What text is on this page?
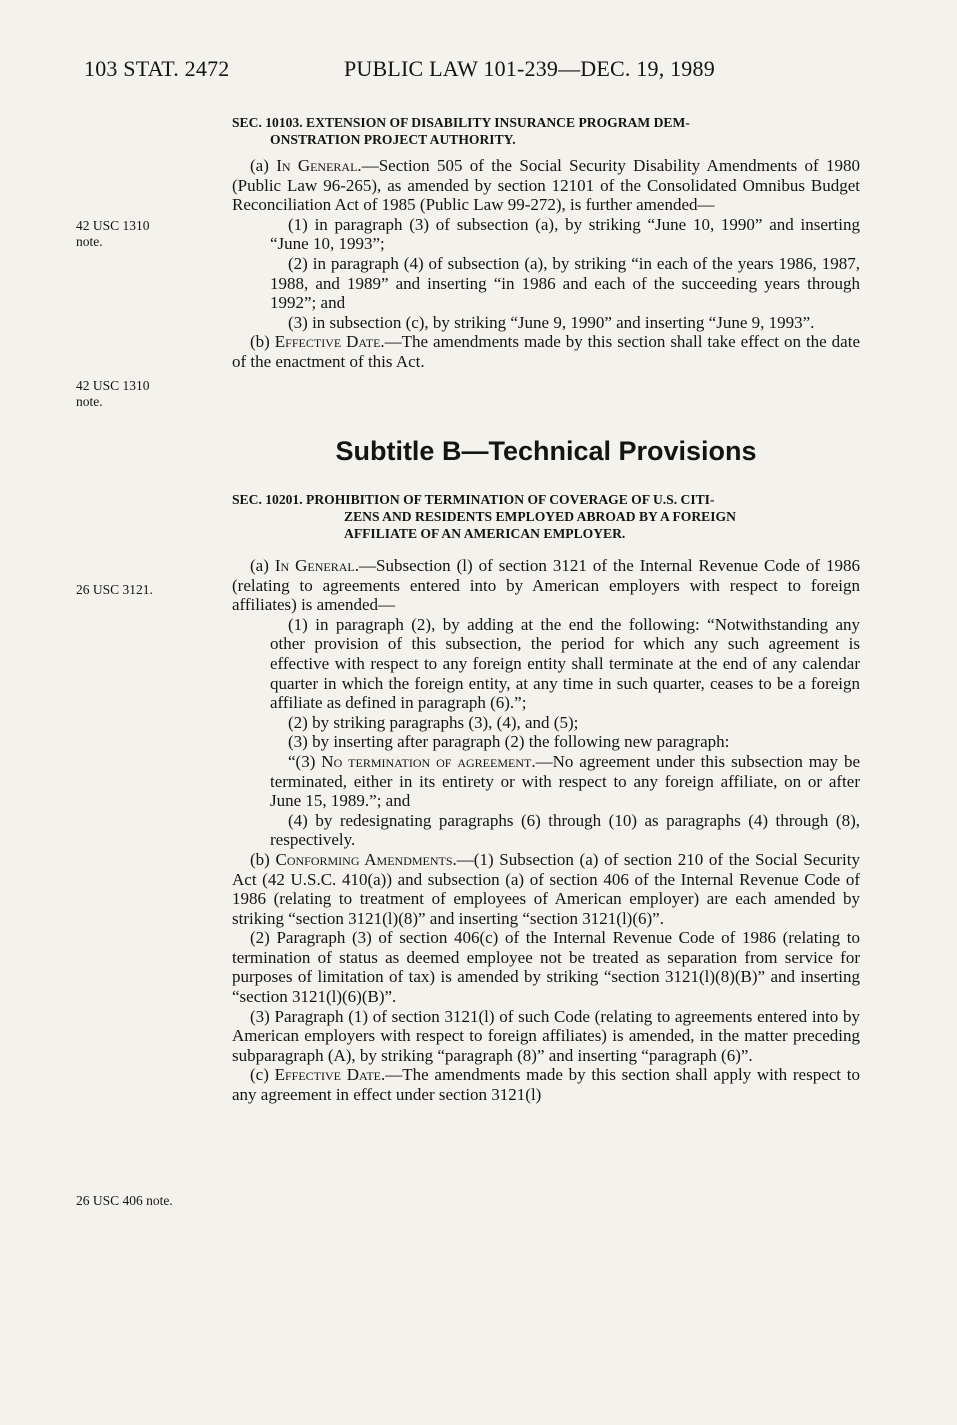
103 STAT. 2472	PUBLIC LAW 101-239—DEC. 19, 1989
42 USC 1310
note.
42 USC 1310
note.
26 USC 3121.
26 USC 406 note.

SEC. 10103. EXTENSION OF DISABILITY INSURANCE PROGRAM DEM-
ONSTRATION PROJECT AUTHORITY.

(a) In General.—Section 505 of the Social Security Disability Amendments of 1980 (Public Law 96-265), as amended by section 12101 of the Consolidated Omnibus Budget Reconciliation Act of 1985 (Public Law 99-272), is further amended—

(1) in paragraph (3) of subsection (a), by striking “June 10, 1990” and inserting “June 10, 1993”;

(2) in paragraph (4) of subsection (a), by striking “in each of the years 1986, 1987, 1988, and 1989” and inserting “in 1986 and each of the succeeding years through 1992”; and

(3) in subsection (c), by striking “June 9, 1990” and inserting “June 9, 1993”.

(b) Effective Date.—The amendments made by this section shall take effect on the date of the enactment of this Act.

Subtitle B—Technical Provisions

SEC. 10201. PROHIBITION OF TERMINATION OF COVERAGE OF U.S. CITI-
ZENS AND RESIDENTS EMPLOYED ABROAD BY A FOREIGN
AFFILIATE OF AN AMERICAN EMPLOYER.

(a) In General.—Subsection (l) of section 3121 of the Internal Revenue Code of 1986 (relating to agreements entered into by American employers with respect to foreign affiliates) is amended—

(1) in paragraph (2), by adding at the end the following: “Notwithstanding any other provision of this subsection, the period for which any such agreement is effective with respect to any foreign entity shall terminate at the end of any calendar quarter in which the foreign entity, at any time in such quarter, ceases to be a foreign affiliate as defined in paragraph (6).”;

(2) by striking paragraphs (3), (4), and (5);

(3) by inserting after paragraph (2) the following new paragraph:

“(3) No termination of agreement.—No agreement under this subsection may be terminated, either in its entirety or with respect to any foreign affiliate, on or after June 15, 1989.”; and

(4) by redesignating paragraphs (6) through (10) as paragraphs (4) through (8), respectively.

(b) Conforming Amendments.—(1) Subsection (a) of section 210 of the Social Security Act (42 U.S.C. 410(a)) and subsection (a) of section 406 of the Internal Revenue Code of 1986 (relating to treatment of employees of American employer) are each amended by striking “section 3121(l)(8)” and inserting “section 3121(l)(6)”.

(2) Paragraph (3) of section 406(c) of the Internal Revenue Code of 1986 (relating to termination of status as deemed employee not be treated as separation from service for purposes of limitation of tax) is amended by striking “section 3121(l)(8)(B)” and inserting “section 3121(l)(6)(B)”.

(3) Paragraph (1) of section 3121(l) of such Code (relating to agreements entered into by American employers with respect to foreign affiliates) is amended, in the matter preceding subparagraph (A), by striking “paragraph (8)” and inserting “paragraph (6)”.

(c) Effective Date.—The amendments made by this section shall apply with respect to any agreement in effect under section 3121(l)
